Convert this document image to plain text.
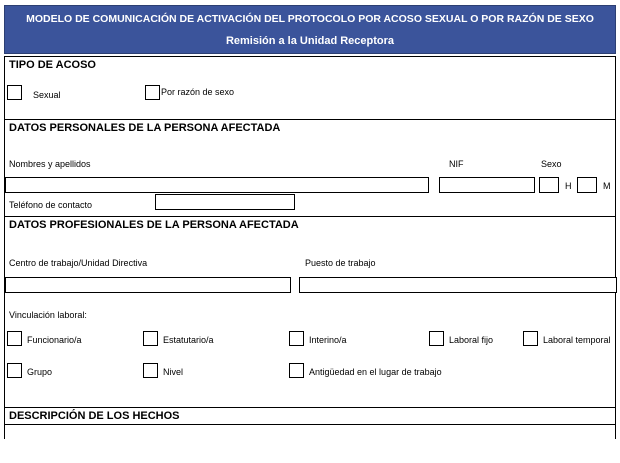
MODELO DE COMUNICACIÓN DE ACTIVACIÓN DEL PROTOCOLO POR ACOSO SEXUAL O POR RAZÓN DE SEXO
Remisión a la Unidad Receptora
TIPO DE ACOSO
Sexual	Por razón de sexo
DATOS PERSONALES DE LA PERSONA AFECTADA
Nombres y apellidos	NIF	Sexo
H	M
Teléfono de contacto
DATOS PROFESIONALES DE LA PERSONA AFECTADA
Centro de trabajo/Unidad Directiva	Puesto de trabajo
Vinculación laboral:
Funcionario/a	Estatutario/a	Interino/a	Laboral fijo	Laboral temporal
Grupo	Nivel	Antigüedad en el lugar de trabajo
DESCRIPCIÓN DE LOS HECHOS
